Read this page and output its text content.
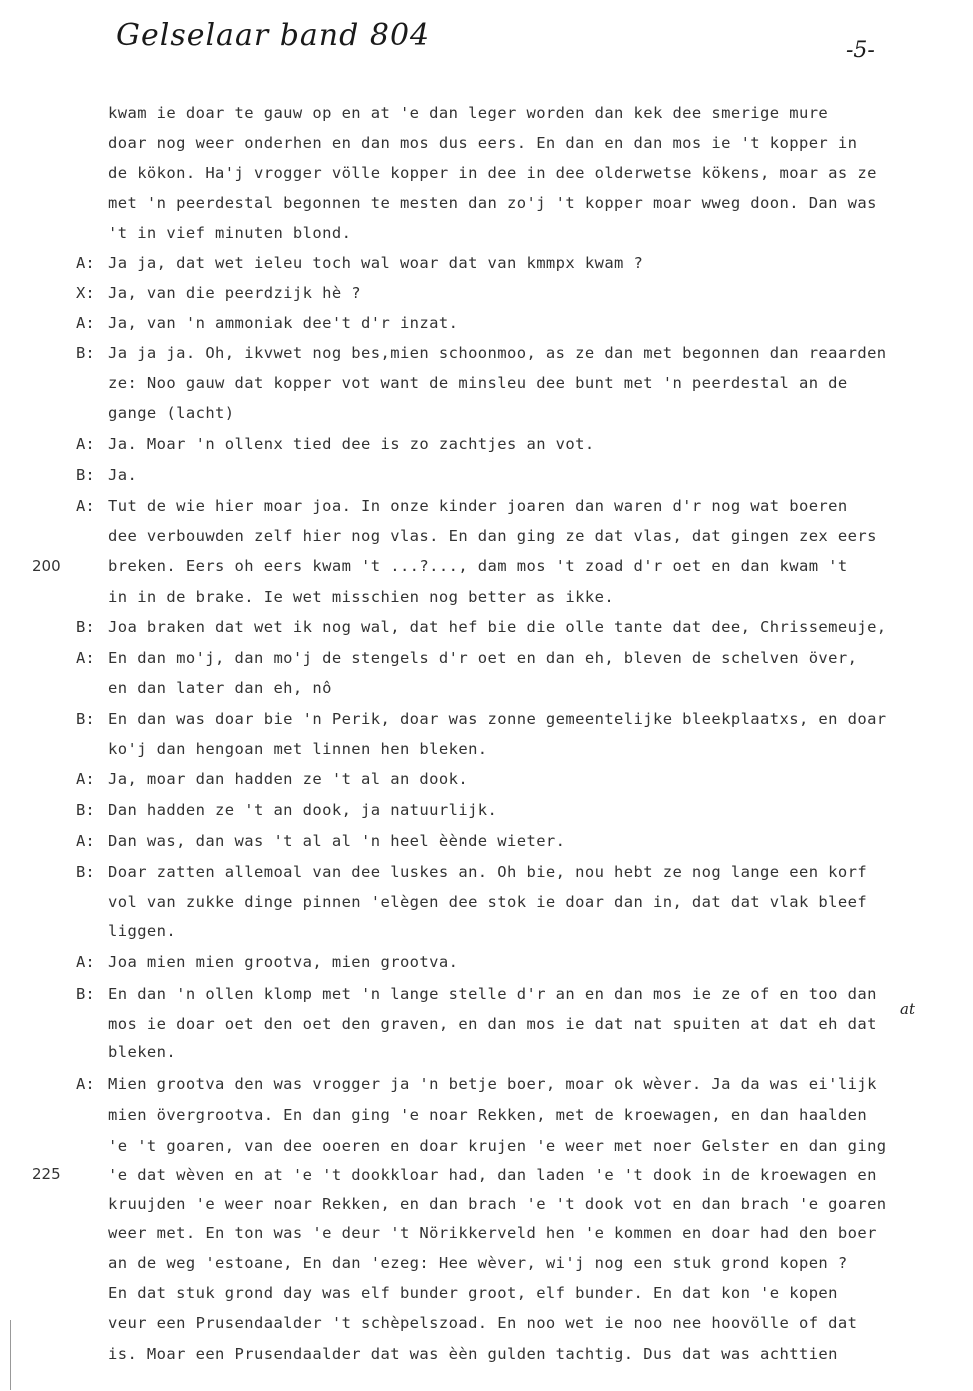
Gelselaar band 804	-5-
200
225
at
kwam ie doar te gauw op en at 'e dan leger worden dan kek dee smerige mure
doar nog weer onderhen en dan mos dus eers. En dan en dan mos ie 't kopper in
de kökon. Ha'j vrogger völle kopper in dee in dee olderwetse kökens, moar as ze
met 'n peerdestal begonnen te mesten dan zo'j 't kopper moar wweg doon. Dan was
't in vief minuten blond.
A: Ja ja, dat wet ieleu toch wal woar dat van kmmpx kwam ?
X: Ja, van die peerdzijk hè ?
A: Ja, van 'n ammoniak dee't d'r inzat.
B: Ja ja ja. Oh, ikvwet nog bes,mien schoonmoo, as ze dan met begonnen dan reaarden
ze: Noo gauw dat kopper vot want de minsleu dee bunt met 'n peerdestal an de
gange (lacht)
A: Ja. Moar 'n ollenx tied dee is zo zachtjes an vot.
B: Ja.
A: Tut de wie hier moar joa. In onze kinder joaren dan waren d'r nog wat boeren
dee verbouwden zelf hier nog vlas. En dan ging ze dat vlas, dat gingen zex eers
breken. Eers oh eers kwam 't ...?..., dam mos 't zoad d'r oet en dan kwam 't
in in de brake. Ie wet misschien nog better as ikke.
B: Joa braken dat wet ik nog wal, dat hef bie die olle tante dat dee, Chrissemeuje,
A: En dan mo'j, dan mo'j de stengels d'r oet en dan eh, bleven de schelven över,
en dan later dan eh, nô
B: En dan was doar bie 'n Perik, doar was zonne gemeentelijke bleekplaatxs, en doar
ko'j dan hengoan met linnen hen bleken.
A: Ja, moar dan hadden ze 't al an dook.
B: Dan hadden ze 't an dook, ja natuurlijk.
A: Dan was, dan was 't al al 'n heel èènde wieter.
B: Doar zatten allemoal van dee luskes an. Oh bie, nou hebt ze nog lange een korf
vol van zukke dinge pinnen 'elègen dee stok ie doar dan in, dat dat vlak bleef
liggen.
A: Joa mien mien grootva, mien grootva.
B: En dan 'n ollen klomp met 'n lange stelle d'r an en dan mos ie ze of en too dan
mos ie doar oet den oet den graven, en dan mos ie dat nat spuiten at dat eh dat
bleken.
A: Mien grootva den was vrogger ja 'n betje boer, moar ok wèver. Ja da was ei'lijk
mien övergrootva. En dan ging 'e noar Rekken, met de kroewagen, en dan haalden
'e 't goaren, van dee ooeren en doar krujen 'e weer met noer Gelster en dan ging
'e dat wèven en at 'e 't dookkloar had, dan laden 'e 't dook in de kroewagen en
kruujden 'e weer noar Rekken, en dan brach 'e 't dook vot en dan brach 'e goaren
weer met. En ton was 'e deur 't Nörikkerveld hen 'e kommen en doar had den boer
an de weg 'estoane, En dan 'ezeg: Hee wèver, wi'j nog een stuk grond kopen ?
En dat stuk grond day was elf bunder groot, elf bunder. En dat kon 'e kopen
veur een Prusendaalder 't schèpelszoad. En noo wet ie noo nee hoovölle of dat
is. Moar een Prusendaalder dat was èèn gulden tachtig. Dus dat was achttien
